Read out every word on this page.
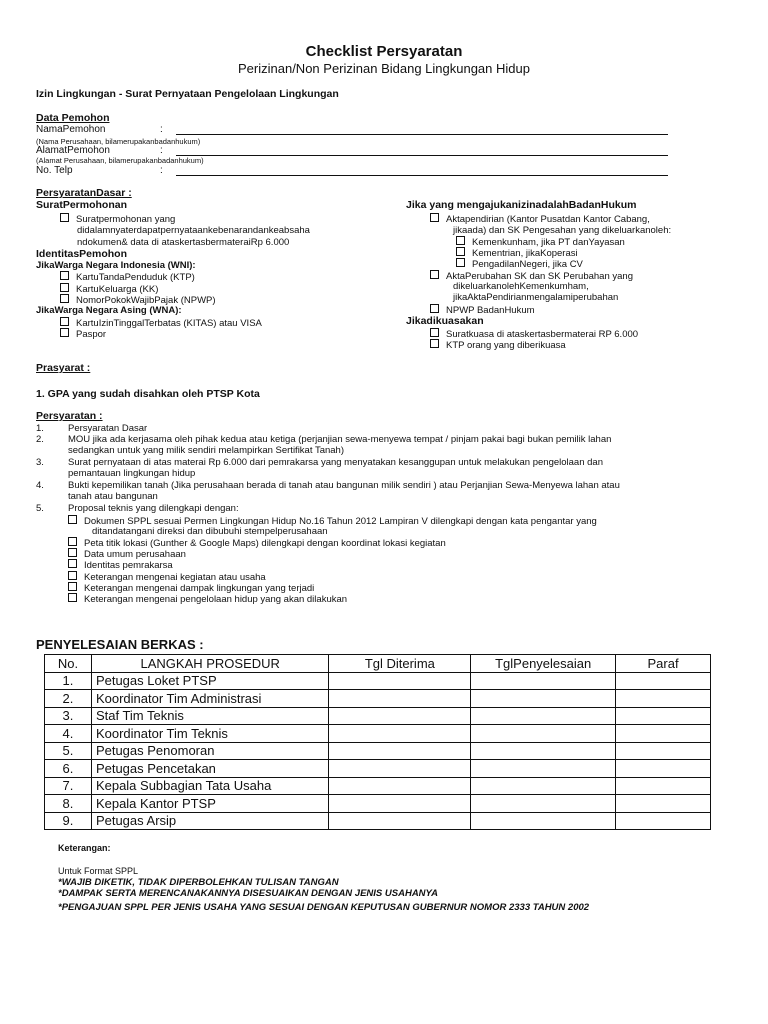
Checklist Persyaratan
Perizinan/Non Perizinan Bidang Lingkungan Hidup
Izin Lingkungan - Surat Pernyataan Pengelolaan Lingkungan
Data Pemohon
NamaPemohon	:
(Nama Perusahaan, bilamerupakanbadanhukum)
AlamatPemohon	:
(Alamat Perusahaan, bilamerupakanbadanhukum)
No. Telp	:
PersyaratanDasar :
SuratPermohonan
Suratpermohonan yang
didalamnyaterdapatpernyataankebenarandankeabsaha
ndokumen& data di ataskertasbermateraiRp 6.000
IdentitasPemohon
JikaWarga Negara Indonesia (WNI):
KartuTandaPenduduk (KTP)
KartuKeluarga (KK)
NomorPokokWajibPajak (NPWP)
JikaWarga Negara Asing (WNA):
KartuIzinTinggalTerbatas (KITAS) atau VISA
Paspor
Jika yang mengajukanizinadalahBadanHukum
Aktapendirian (Kantor Pusatdan Kantor Cabang,
jikaada) dan SK Pengesahan yang dikeluarkanoleh:
Kemenkunham, jika PT danYayasan
Kementrian, jikaKoperasi
PengadilanNegeri, jika CV
AktaPerubahan SK dan SK Perubahan yang
dikeluarkanolehKemenkumham,
jikaAktaPendirianmengalamiperubahan
NPWP BadanHukum
Jikadikuasakan
Suratkuasa di ataskertasbermaterai RP 6.000
KTP orang yang diberikuasa
Prasyarat :
1. GPA yang sudah disahkan oleh PTSP Kota
Persyaratan :
1.	Persyaratan Dasar
2.	MOU jika ada kerjasama oleh pihak kedua atau ketiga (perjanjian sewa-menyewa tempat / pinjam pakai bagi bukan pemilik lahan
sedangkan untuk yang milik sendiri melampirkan Sertifikat Tanah)
3.	Surat pernyataan di atas materai Rp 6.000 dari pemrakarsa yang menyatakan kesanggupan untuk melakukan pengelolaan dan
pemantauan lingkungan hidup
4.	Bukti kepemilikan tanah (Jika perusahaan berada di tanah atau bangunan milik sendiri ) atau Perjanjian Sewa-Menyewa lahan atau
tanah atau bangunan
5.	Proposal teknis yang dilengkapi dengan:
Dokumen SPPL sesuai Permen Lingkungan Hidup No.16 Tahun 2012 Lampiran V dilengkapi dengan kata pengantar yang
ditandatangani direksi dan dibubuhi stempelperusahaan
Peta titik lokasi (Gunther & Google Maps) dilengkapi dengan koordinat lokasi kegiatan
Data umum perusahaan
Identitas pemrakarsa
Keterangan mengenai kegiatan atau usaha
Keterangan mengenai dampak lingkungan yang terjadi
Keterangan mengenai pengelolaan hidup yang akan dilakukan
PENYELESAIAN BERKAS :
No.	LANGKAH PROSEDUR	Tgl Diterima	TglPenyelesaian	Paraf
1.	Petugas Loket PTSP			
2.	Koordinator Tim Administrasi			
3.	Staf Tim Teknis			
4.	Koordinator Tim Teknis			
5.	Petugas Penomoran			
6.	Petugas Pencetakan			
7.	Kepala Subbagian Tata Usaha			
8.	Kepala Kantor PTSP			
9.	Petugas Arsip			
Keterangan:
Untuk Format SPPL
*WAJIB DIKETIK, TIDAK DIPERBOLEHKAN TULISAN TANGAN
*DAMPAK SERTA MERENCANAKANNYA DISESUAIKAN DENGAN JENIS USAHANYA
*PENGAJUAN SPPL PER JENIS USAHA YANG SESUAI DENGAN KEPUTUSAN GUBERNUR NOMOR 2333 TAHUN 2002
